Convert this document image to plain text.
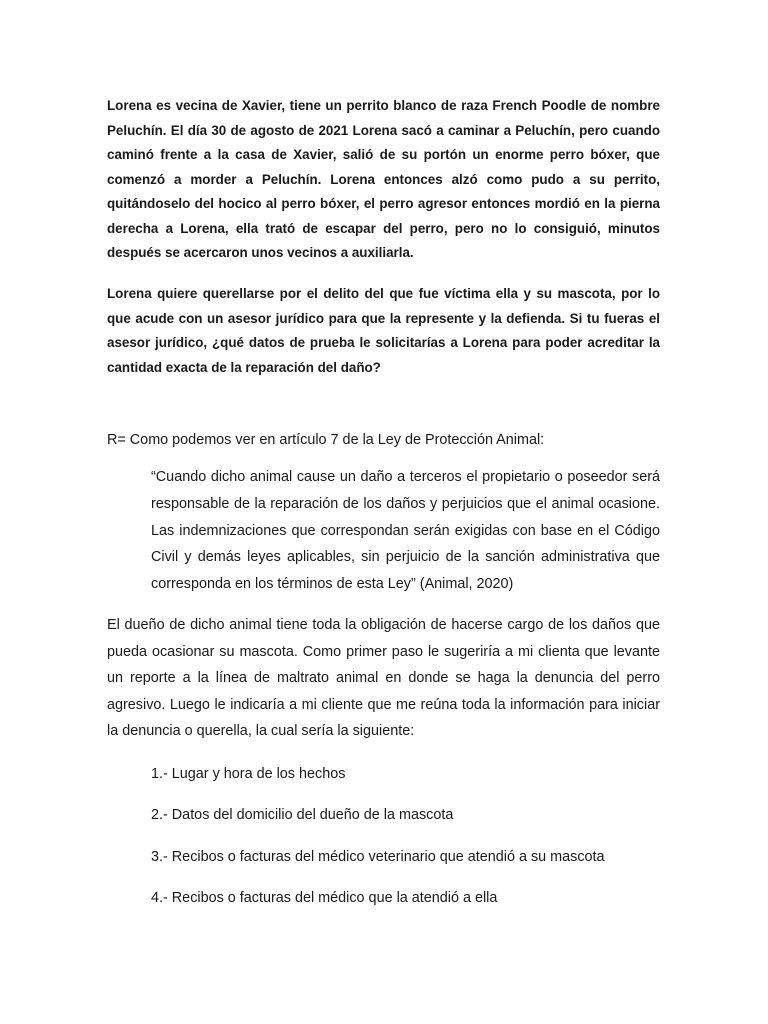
Lorena es vecina de Xavier, tiene un perrito blanco de raza French Poodle de nombre Peluchín. El día 30 de agosto de 2021 Lorena sacó a caminar a Peluchín, pero cuando caminó frente a la casa de Xavier, salió de su portón un enorme perro bóxer, que comenzó a morder a Peluchín. Lorena entonces alzó como pudo a su perrito, quitándoselo del hocico al perro bóxer, el perro agresor entonces mordió en la pierna derecha a Lorena, ella trató de escapar del perro, pero no lo consiguió, minutos después se acercaron unos vecinos a auxiliarla.

Lorena quiere querellarse por el delito del que fue víctima ella y su mascota, por lo que acude con un asesor jurídico para que la represente y la defienda. Si tu fueras el asesor jurídico, ¿qué datos de prueba le solicitarías a Lorena para poder acreditar la cantidad exacta de la reparación del daño?

R= Como podemos ver en artículo 7 de la Ley de Protección Animal:

“Cuando dicho animal cause un daño a terceros el propietario o poseedor será responsable de la reparación de los daños y perjuicios que el animal ocasione. Las indemnizaciones que correspondan serán exigidas con base en el Código Civil y demás leyes aplicables, sin perjuicio de la sanción administrativa que corresponda en los términos de esta Ley” (Animal, 2020)

El dueño de dicho animal tiene toda la obligación de hacerse cargo de los daños que pueda ocasionar su mascota. Como primer paso le sugeriría a mi clienta que levante un reporte a la línea de maltrato animal en donde se haga la denuncia del perro agresivo. Luego le indicaría a mi cliente que me reúna toda la información para iniciar la denuncia o querella, la cual sería la siguiente:

1.- Lugar y hora de los hechos
2.- Datos del domicilio del dueño de la mascota
3.- Recibos o facturas del médico veterinario que atendió a su mascota
4.- Recibos o facturas del médico que la atendió a ella
